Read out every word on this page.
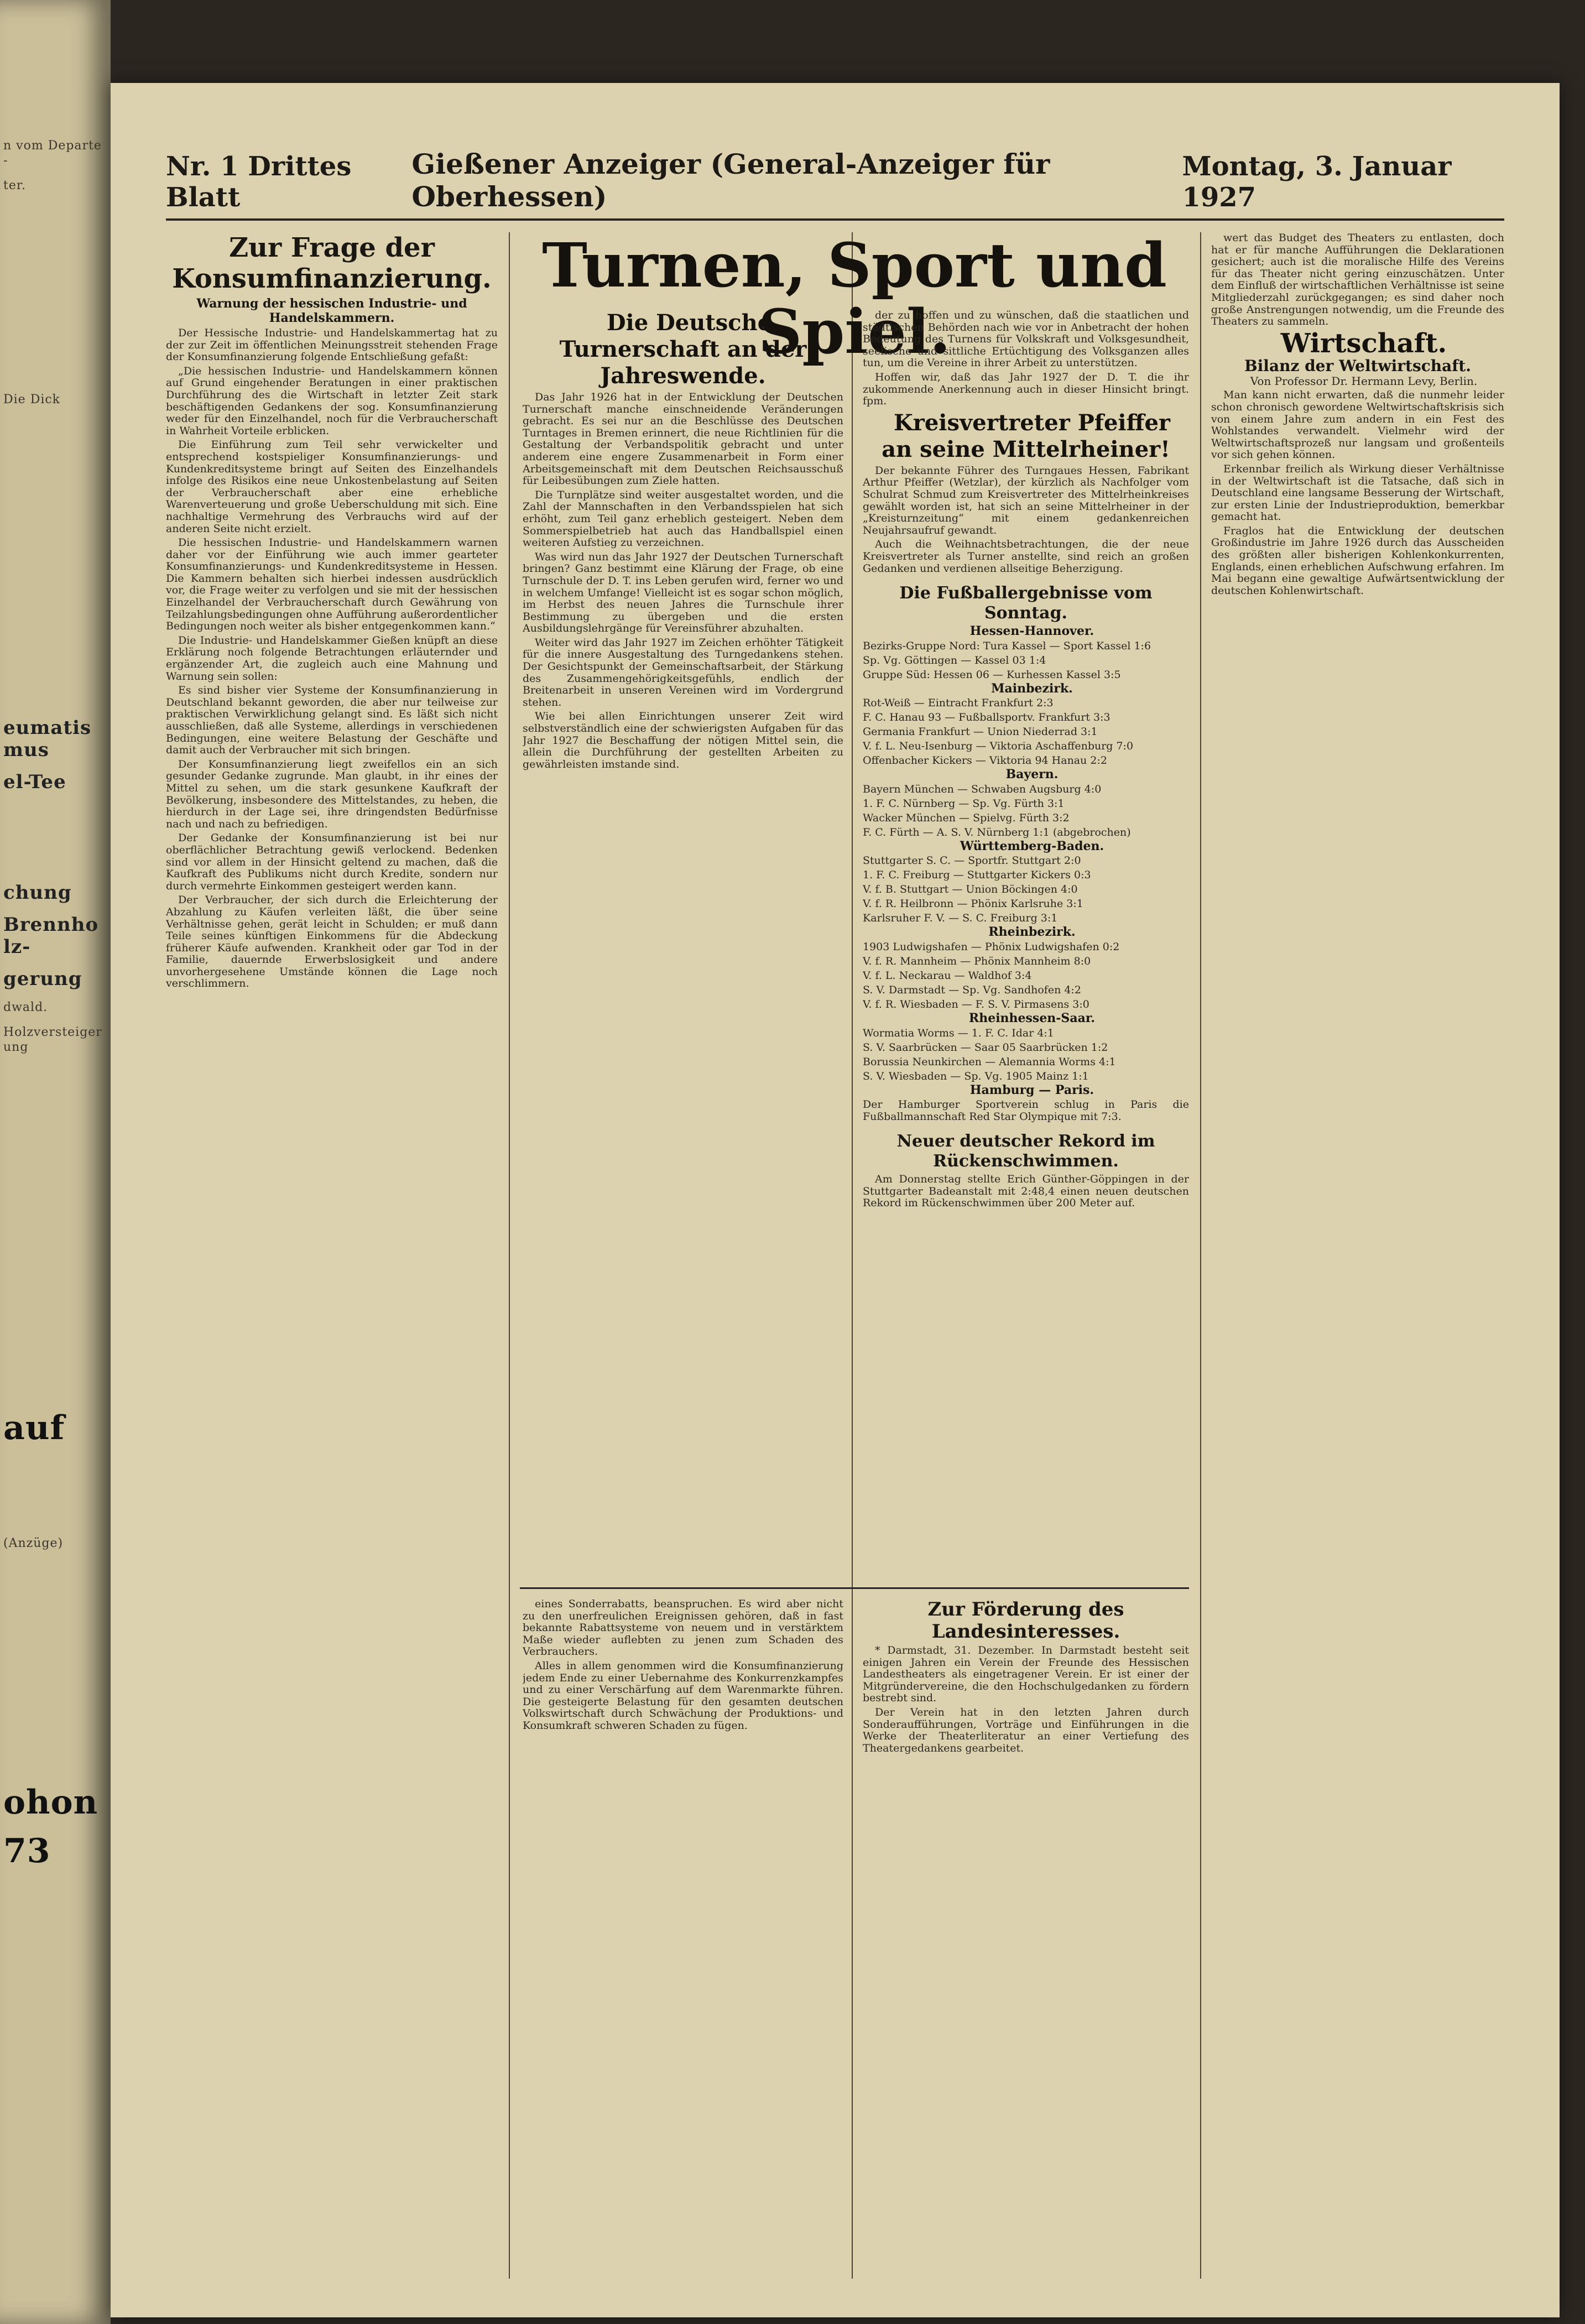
n vom Departe-

ter.

Die Dick

eumatismus

el-Tee

chung

Brennholz-

gerung

dwald.

Holzversteigerung

auf

(Anzüge)

ohon

73

Nr. 1 Drittes Blatt
Gießener Anzeiger (General-Anzeiger für Oberhessen)
Montag, 3. Januar 1927

Zur Frage der Konsumfinanzierung.

Warnung der hessischen Industrie- und Handelskammern.

Der Hessische Industrie- und Handelskammertag hat zu der zur Zeit im öffentlichen Meinungsstreit stehenden Frage der Konsumfinanzierung folgende Entschließung gefaßt:

„Die hessischen Industrie- und Handelskammern können auf Grund eingehender Beratungen in einer praktischen Durchführung des die Wirtschaft in letzter Zeit stark beschäftigenden Gedankens der sog. Konsumfinanzierung weder für den Einzelhandel, noch für die Verbraucherschaft in Wahrheit Vorteile erblicken.

Die Einführung zum Teil sehr verwickelter und entsprechend kostspieliger Konsumfinanzierungs- und Kundenkreditsysteme bringt auf Seiten des Einzelhandels infolge des Risikos eine neue Unkostenbelastung auf Seiten der Verbraucherschaft aber eine erhebliche Warenverteuerung und große Ueberschuldung mit sich. Eine nachhaltige Vermehrung des Verbrauchs wird auf der anderen Seite nicht erzielt.

Die hessischen Industrie- und Handelskammern warnen daher vor der Einführung wie auch immer gearteter Konsumfinanzierungs- und Kundenkreditsysteme in Hessen. Die Kammern behalten sich hierbei indessen ausdrücklich vor, die Frage weiter zu verfolgen und sie mit der hessischen Einzelhandel der Verbraucherschaft durch Gewährung von Teilzahlungsbedingungen ohne Aufführung außerordentlicher Bedingungen noch weiter als bisher entgegenkommen kann.“

Die Industrie- und Handelskammer Gießen knüpft an diese Erklärung noch folgende Betrachtungen erläuternder und ergänzender Art, die zugleich auch eine Mahnung und Warnung sein sollen:

Es sind bisher vier Systeme der Konsumfinanzierung in Deutschland bekannt geworden, die aber nur teilweise zur praktischen Verwirklichung gelangt sind. Es läßt sich nicht ausschließen, daß alle Systeme, allerdings in verschiedenen Bedingungen, eine weitere Belastung der Geschäfte und damit auch der Verbraucher mit sich bringen.

Der Konsumfinanzierung liegt zweifellos ein an sich gesunder Gedanke zugrunde. Man glaubt, in ihr eines der Mittel zu sehen, um die stark gesunkene Kaufkraft der Bevölkerung, insbesondere des Mittelstandes, zu heben, die hierdurch in der Lage sei, ihre dringendsten Bedürfnisse nach und nach zu befriedigen.

Der Gedanke der Konsumfinanzierung ist bei nur oberflächlicher Betrachtung gewiß verlockend. Bedenken sind vor allem in der Hinsicht geltend zu machen, daß die Kaufkraft des Publikums nicht durch Kredite, sondern nur durch vermehrte Einkommen gesteigert werden kann.

Der Verbraucher, der sich durch die Erleichterung der Abzahlung zu Käufen verleiten läßt, die über seine Verhältnisse gehen, gerät leicht in Schulden; er muß dann Teile seines künftigen Einkommens für die Abdeckung früherer Käufe aufwenden. Krankheit oder gar Tod in der Familie, dauernde Erwerbslosigkeit und andere unvorhergesehene Umstände können die Lage noch verschlimmern.

Turnen, Sport und Spiel.

Die Deutsche Turnerschaft an der Jahreswende.

Das Jahr 1926 hat in der Entwicklung der Deutschen Turnerschaft manche einschneidende Veränderungen gebracht. Es sei nur an die Beschlüsse des Deutschen Turntages in Bremen erinnert, die neue Richtlinien für die Gestaltung der Verbandspolitik gebracht und unter anderem eine engere Zusammenarbeit in Form einer Arbeitsgemeinschaft mit dem Deutschen Reichsausschuß für Leibesübungen zum Ziele hatten.

Die Turnplätze sind weiter ausgestaltet worden, und die Zahl der Mannschaften in den Verbandsspielen hat sich erhöht, zum Teil ganz erheblich gesteigert. Neben dem Sommerspielbetrieb hat auch das Handballspiel einen weiteren Aufstieg zu verzeichnen.

Was wird nun das Jahr 1927 der Deutschen Turnerschaft bringen? Ganz bestimmt eine Klärung der Frage, ob eine Turnschule der D. T. ins Leben gerufen wird, ferner wo und in welchem Umfange! Vielleicht ist es sogar schon möglich, im Herbst des neuen Jahres die Turnschule ihrer Bestimmung zu übergeben und die ersten Ausbildungslehrgänge für Vereinsführer abzuhalten.

Weiter wird das Jahr 1927 im Zeichen erhöhter Tätigkeit für die innere Ausgestaltung des Turngedankens stehen. Der Gesichtspunkt der Gemeinschaftsarbeit, der Stärkung des Zusammengehörigkeitsgefühls, endlich der Breitenarbeit in unseren Vereinen wird im Vordergrund stehen.

Wie bei allen Einrichtungen unserer Zeit wird selbstverständlich eine der schwierigsten Aufgaben für das Jahr 1927 die Beschaffung der nötigen Mittel sein, die allein die Durchführung der gestellten Arbeiten zu gewährleisten imstande sind.

eines Sonderrabatts, beanspruchen. Es wird aber nicht zu den unerfreulichen Ereignissen gehören, daß in fast bekannte Rabattsysteme von neuem und in verstärktem Maße wieder auflebten zu jenen zum Schaden des Verbrauchers.

Alles in allem genommen wird die Konsumfinanzierung jedem Ende zu einer Uebernahme des Konkurrenzkampfes und zu einer Verschärfung auf dem Warenmarkte führen. Die gesteigerte Belastung für den gesamten deutschen Volkswirtschaft durch Schwächung der Produktions- und Konsumkraft schweren Schaden zu fügen.

der zu hoffen und zu wünschen, daß die staatlichen und städtischen Behörden nach wie vor in Anbetracht der hohen Bedeutung des Turnens für Volkskraft und Volksgesundheit, seelische und sittliche Ertüchtigung des Volksganzen alles tun, um die Vereine in ihrer Arbeit zu unterstützen.

Hoffen wir, daß das Jahr 1927 der D. T. die ihr zukommende Anerkennung auch in dieser Hinsicht bringt. fpm.

Kreisvertreter Pfeiffer an seine Mittelrheiner!

Der bekannte Führer des Turngaues Hessen, Fabrikant Arthur Pfeiffer (Wetzlar), der kürzlich als Nachfolger vom Schulrat Schmud zum Kreisvertreter des Mittelrheinkreises gewählt worden ist, hat sich an seine Mittelrheiner in der „Kreisturnzeitung“ mit einem gedankenreichen Neujahrsaufruf gewandt.

Auch die Weihnachtsbetrachtungen, die der neue Kreisvertreter als Turner anstellte, sind reich an großen Gedanken und verdienen allseitige Beherzigung.

Die Fußballergebnisse vom Sonntag.

Hessen-Hannover.

Bezirks-Gruppe Nord: Tura Kassel — Sport Kassel 1:6

Sp. Vg. Göttingen — Kassel 03 1:4

Gruppe Süd: Hessen 06 — Kurhessen Kassel 3:5

Mainbezirk.

Rot-Weiß — Eintracht Frankfurt 2:3

F. C. Hanau 93 — Fußballsportv. Frankfurt 3:3

Germania Frankfurt — Union Niederrad 3:1

V. f. L. Neu-Isenburg — Viktoria Aschaffenburg 7:0

Offenbacher Kickers — Viktoria 94 Hanau 2:2

Bayern.

Bayern München — Schwaben Augsburg 4:0

1. F. C. Nürnberg — Sp. Vg. Fürth 3:1

Wacker München — Spielvg. Fürth 3:2

F. C. Fürth — A. S. V. Nürnberg 1:1 (abgebrochen)

Württemberg-Baden.

Stuttgarter S. C. — Sportfr. Stuttgart 2:0

1. F. C. Freiburg — Stuttgarter Kickers 0:3

V. f. B. Stuttgart — Union Böckingen 4:0

V. f. R. Heilbronn — Phönix Karlsruhe 3:1

Karlsruher F. V. — S. C. Freiburg 3:1

Rheinbezirk.

1903 Ludwigshafen — Phönix Ludwigshafen 0:2

V. f. R. Mannheim — Phönix Mannheim 8:0

V. f. L. Neckarau — Waldhof 3:4

S. V. Darmstadt — Sp. Vg. Sandhofen 4:2

V. f. R. Wiesbaden — F. S. V. Pirmasens 3:0

Rheinhessen-Saar.

Wormatia Worms — 1. F. C. Idar 4:1

S. V. Saarbrücken — Saar 05 Saarbrücken 1:2

Borussia Neunkirchen — Alemannia Worms 4:1

S. V. Wiesbaden — Sp. Vg. 1905 Mainz 1:1

Hamburg — Paris.

Der Hamburger Sportverein schlug in Paris die Fußballmannschaft Red Star Olympique mit 7:3.

Neuer deutscher Rekord im Rückenschwimmen.

Am Donnerstag stellte Erich Günther-Göppingen in der Stuttgarter Badeanstalt mit 2:48,4 einen neuen deutschen Rekord im Rückenschwimmen über 200 Meter auf.

Zur Förderung des Landesinteresses.

* Darmstadt, 31. Dezember. In Darmstadt besteht seit einigen Jahren ein Verein der Freunde des Hessischen Landestheaters als eingetragener Verein. Er ist einer der Mitgründervereine, die den Hochschulgedanken zu fördern bestrebt sind.

Der Verein hat in den letzten Jahren durch Sonderaufführungen, Vorträge und Einführungen in die Werke der Theaterliteratur an einer Vertiefung des Theatergedankens gearbeitet.

wert das Budget des Theaters zu entlasten, doch hat er für manche Aufführungen die Deklarationen gesichert; auch ist die moralische Hilfe des Vereins für das Theater nicht gering einzuschätzen. Unter dem Einfluß der wirtschaftlichen Verhältnisse ist seine Mitgliederzahl zurückgegangen; es sind daher noch große Anstrengungen notwendig, um die Freunde des Theaters zu sammeln.

Wirtschaft.

Bilanz der Weltwirtschaft.

Von Professor Dr. Hermann Levy, Berlin.

Man kann nicht erwarten, daß die nunmehr leider schon chronisch gewordene Weltwirtschaftskrisis sich von einem Jahre zum andern in ein Fest des Wohlstandes verwandelt. Vielmehr wird der Weltwirtschaftsprozeß nur langsam und großenteils vor sich gehen können.

Erkennbar freilich als Wirkung dieser Verhältnisse in der Weltwirtschaft ist die Tatsache, daß sich in Deutschland eine langsame Besserung der Wirtschaft, zur ersten Linie der Industrieproduktion, bemerkbar gemacht hat.

Fraglos hat die Entwicklung der deutschen Großindustrie im Jahre 1926 durch das Ausscheiden des größten aller bisherigen Kohlenkonkurrenten, Englands, einen erheblichen Aufschwung erfahren. Im Mai begann eine gewaltige Aufwärtsentwicklung der deutschen Kohlenwirtschaft.
